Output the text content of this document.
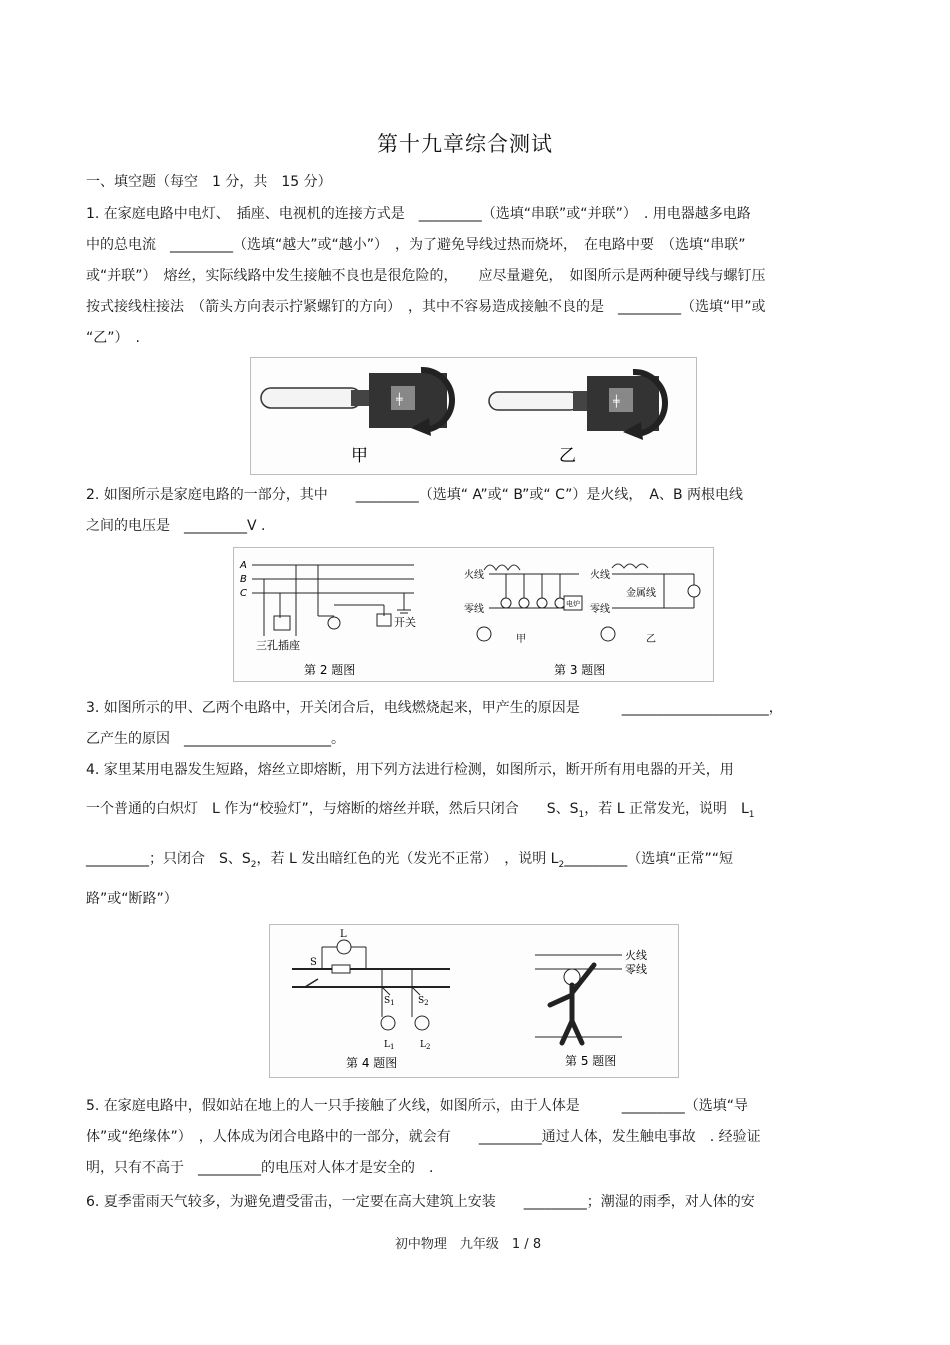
第十九章综合测试
一、填空题（每空　1 分，共　15 分）
1. 在家庭电路中电灯、　插座、电视机的连接方式是　_________（选填“串联”或“并联”）　. 用电器越多电路
中的总电流　_________（选填“越大”或“越小”）　，为了避免导线过热而烧坏，　在电路中要　（选填“串联”
或“并联”）　熔丝，实际线路中发生接触不良也是很危险的，　　应尽量避免，　如图所示是两种硬导线与螺钉压
按式接线柱接法　（箭头方向表示拧紧螺钉的方向）　，其中不容易造成接触不良的是　_________（选填“甲”或
“乙”）　.
╪
甲
╪
乙
2. 如图所示是家庭电路的一部分，其中　　_________（选填“ A”或“ B”或“ C”）是火线，　A、B 两根电线
之间的电压是　_________V .
A
B
C
三孔插座
开关
第 2 题图
火线
零线	电炉
甲
火线
零线
金属线
乙
第 3 题图
3. 如图所示的甲、乙两个电路中，开关闭合后，电线燃烧起来，甲产生的原因是　　　_____________________，
乙产生的原因　_____________________。
4. 家里某用电器发生短路，熔丝立即熔断，用下列方法进行检测，如图所示，断开所有用电器的开关，用
一个普通的白炽灯　L 作为“校验灯”，与熔断的熔丝并联，然后只闭合　　S、$S_1$，若 L 正常发光，说明　$L_1$
_________；只闭合　S、$S_2$，若 L 发出暗红色的光（发光不正常）　，说明 $L_2\_\_\_\_\_\_\_\_\_$（选填“正常”“短
路”或“断路”）
L
S
$S_1$
$L_1$
$S_2$
$L_2$
第 4 题图
火线
零线
第 5 题图
5. 在家庭电路中，假如站在地上的人一只手接触了火线，如图所示，由于人体是　　　_________（选填“导
体”或“绝缘体”）　，人体成为闭合电路中的一部分，就会有　　_________通过人体，发生触电事故　. 经验证
明，只有不高于　_________的电压对人体才是安全的　.
6. 夏季雷雨天气较多，为避免遭受雷击，一定要在高大建筑上安装　　_________；潮湿的雨季，对人体的安
初中物理　九年级　1 / 8
